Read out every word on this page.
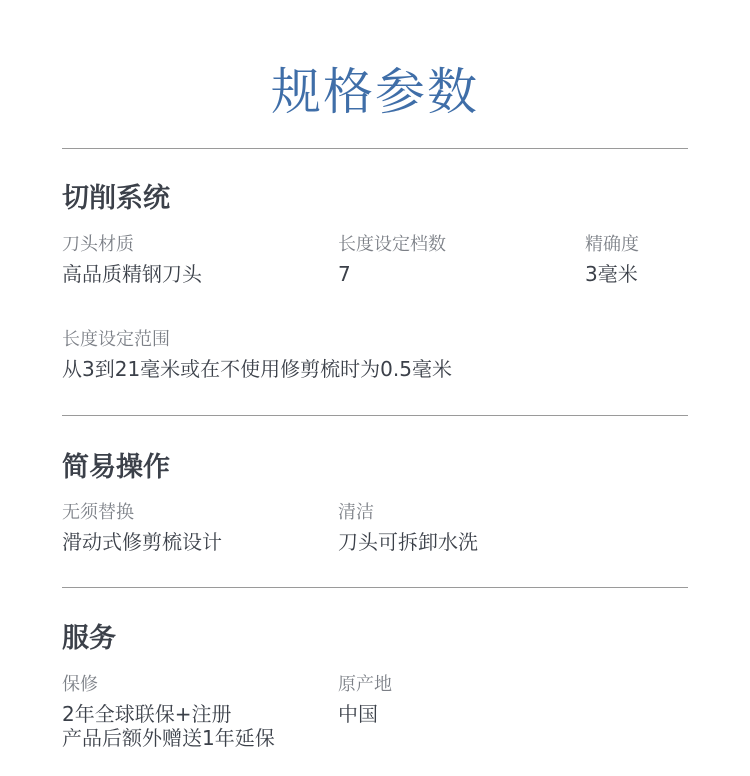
规格参数
切削系统
刀头材质
高品质精钢刀头
长度设定档数
7
精确度
3毫米
长度设定范围
从3到21毫米或在不使用修剪梳时为0.5毫米
简易操作
无须替换
滑动式修剪梳设计
清洁
刀头可拆卸水洗
服务
保修
2年全球联保+注册
产品后额外赠送1年延保
原产地
中国
